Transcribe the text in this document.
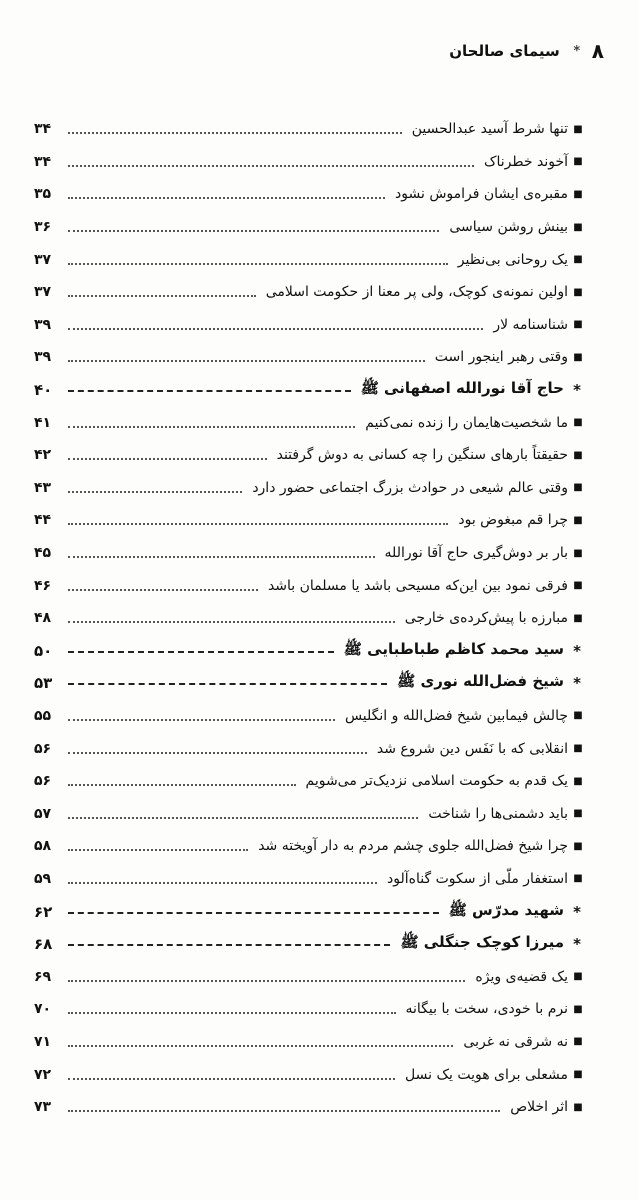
۸
*
سیمای صالحان
■
تنها شرط آسید عبدالحسین
۳۴
■
آخوند خطرناک
۳۴
■
مقبره‌ی ایشان فراموش نشود
۳۵
■
بینش روشن سیاسی
۳۶
■
یک روحانی بی‌نظیر
۳۷
■
اولین نمونه‌ی کوچک، ولی پر معنا از حکومت اسلامی
۳۷
■
شناسنامه لار
۳۹
■
وقتی رهبر اینجور است
۳۹
*
حاج آقا نورالله اصفهانی ﷺ
۴۰
■
ما شخصیت‌هایمان را زنده نمی‌کنیم
۴۱
■
حقیقتاً بارهای سنگین را چه کسانی به دوش گرفتند
۴۲
■
وقتی عالم شیعی در حوادث بزرگ اجتماعی حضور دارد
۴۳
■
چرا قم مبغوض بود
۴۴
■
بار بر دوش‌گیری حاج آقا نورالله
۴۵
■
فرقی نمود بین این‌که مسیحی باشد یا مسلمان باشد
۴۶
■
مبارزه با پیش‌کرده‌ی خارجی
۴۸
*
سید محمد کاظم طباطبایی ﷺ
۵۰
*
شیخ فضل‌الله نوری ﷺ
۵۳
■
چالش فیمابین شیخ فضل‌الله و انگلیس
۵۵
■
انقلابی که با نَفَس دین شروع شد
۵۶
■
یک قدم به حکومت اسلامی نزدیک‌تر می‌شویم
۵۶
■
باید دشمنی‌ها را شناخت
۵۷
■
چرا شیخ فضل‌الله جلوی چشم مردم به دار آویخته شد
۵۸
■
استغفار ملّی از سکوت گناه‌آلود
۵۹
*
شهید مدرّس ﷺ
۶۲
*
میرزا کوچک جنگلی ﷺ
۶۸
■
یک قضیه‌ی ویژه
۶۹
■
نرم با خودی، سخت با بیگانه
۷۰
■
نه شرقی نه غربی
۷۱
■
مشعلی برای هویت یک نسل
۷۲
■
اثر اخلاص
۷۳
